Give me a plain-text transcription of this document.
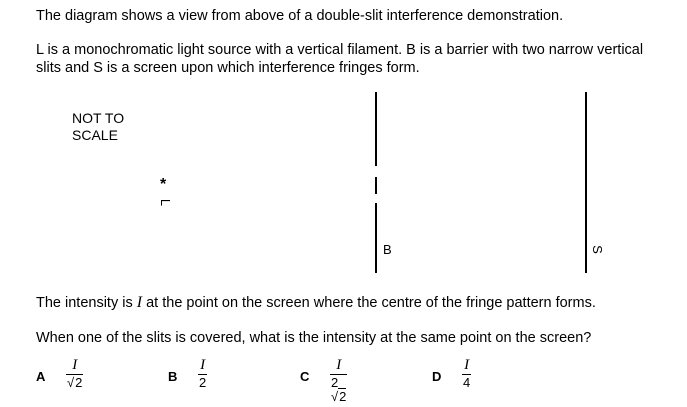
The diagram shows a view from above of a double-slit interference demonstration.
L is a monochromatic light source with a vertical filament. B is a barrier with two narrow vertical
slits and S is a screen upon which interference fringes form.
NOT TO
SCALE
*
L
B	S
The intensity is I at the point on the screen where the centre of the fringe pattern forms.
When one of the slits is covered, what is the intensity at the same point on the screen?
A
I
√2	B
I
2	C
I
2√2
D
I
4
